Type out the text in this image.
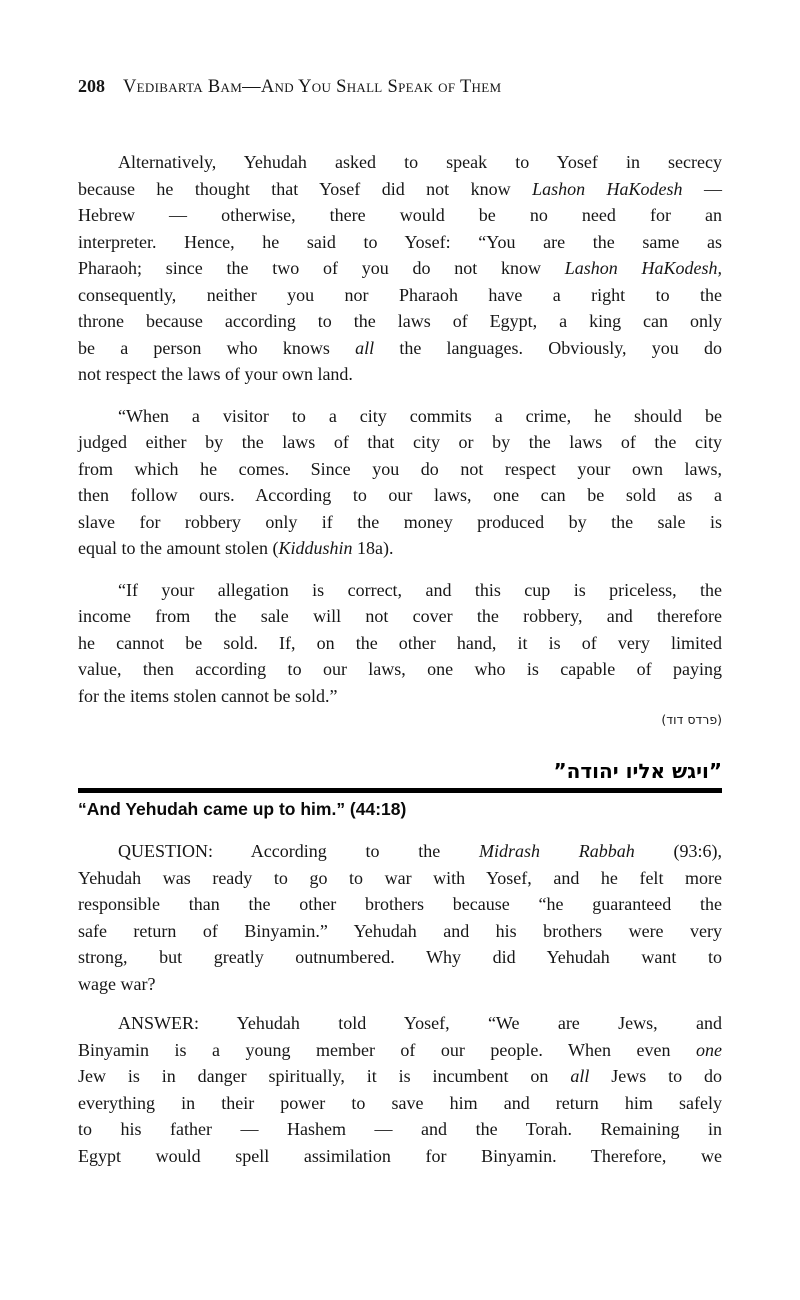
208 Vedibarta Bam—And You Shall Speak of Them
Alternatively, Yehudah asked to speak to Yosef in secrecy
because he thought that Yosef did not know Lashon HaKodesh —
Hebrew — otherwise, there would be no need for an
interpreter. Hence, he said to Yosef: “You are the same as
Pharaoh; since the two of you do not know Lashon HaKodesh,
consequently, neither you nor Pharaoh have a right to the
throne because according to the laws of Egypt, a king can only
be a person who knows all the languages. Obviously, you do
not respect the laws of your own land.
“When a visitor to a city commits a crime, he should be
judged either by the laws of that city or by the laws of the city
from which he comes. Since you do not respect your own laws,
then follow ours. According to our laws, one can be sold as a
slave for robbery only if the money produced by the sale is
equal to the amount stolen (Kiddushin 18a).
“If your allegation is correct, and this cup is priceless, the
income from the sale will not cover the robbery, and therefore
he cannot be sold. If, on the other hand, it is of very limited
value, then according to our laws, one who is capable of paying
for the items stolen cannot be sold.”
(פרדס דוד)
”ויגש אליו יהודה”
“And Yehudah came up to him.” (44:18)
QUESTION: According to the Midrash Rabbah (93:6),
Yehudah was ready to go to war with Yosef, and he felt more
responsible than the other brothers because “he guaranteed the
safe return of Binyamin.” Yehudah and his brothers were very
strong, but greatly outnumbered. Why did Yehudah want to
wage war?
ANSWER: Yehudah told Yosef, “We are Jews, and
Binyamin is a young member of our people. When even one
Jew is in danger spiritually, it is incumbent on all Jews to do
everything in their power to save him and return him safely
to his father — Hashem — and the Torah. Remaining in
Egypt would spell assimilation for Binyamin. Therefore, we
